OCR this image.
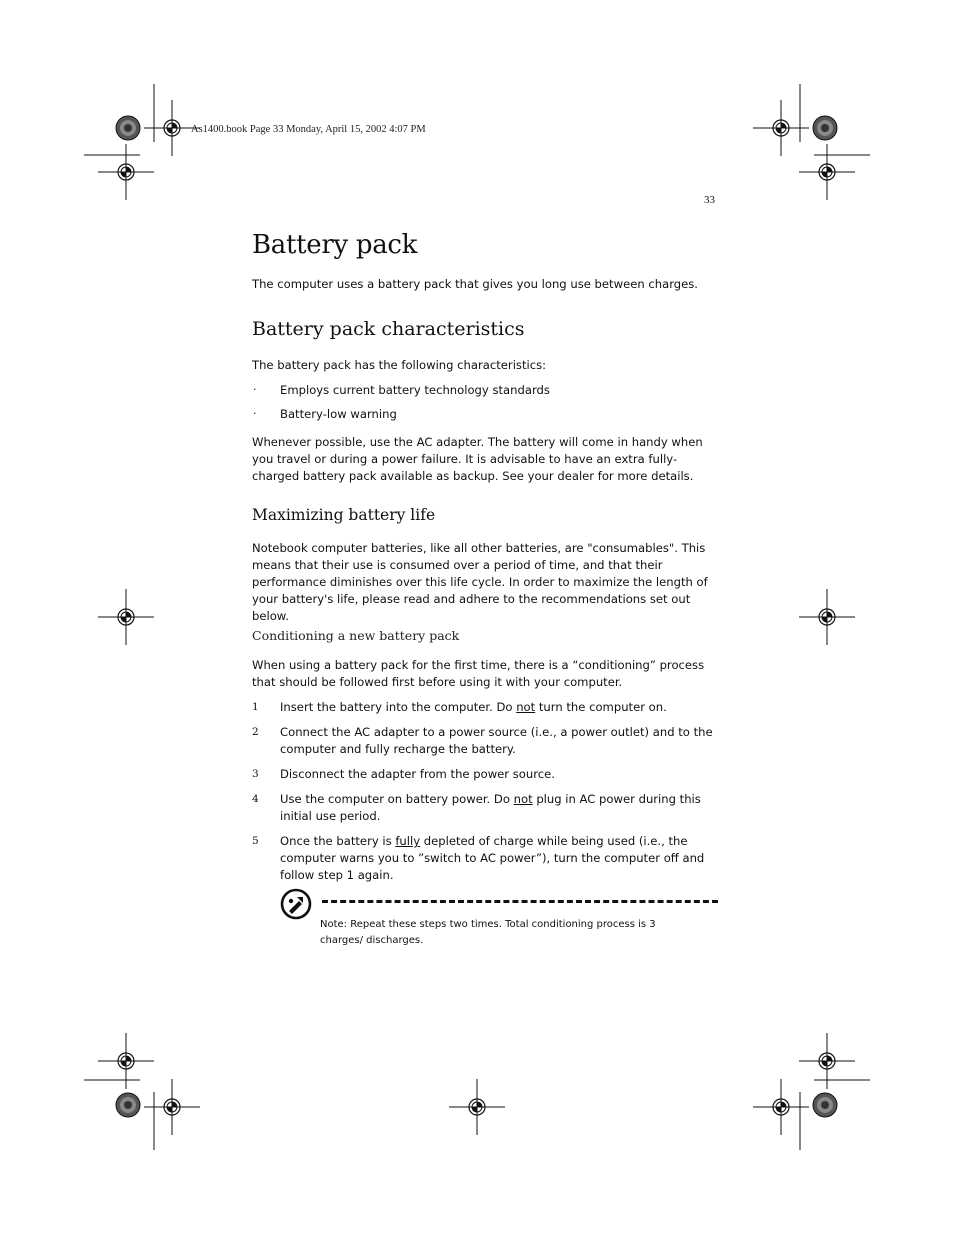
As1400.book Page 33 Monday, April 15, 2002 4:07 PM
33
Battery pack

The computer uses a battery pack that gives you long use between charges.

Battery pack characteristics

The battery pack has the following characteristics:

· Employs current battery technology standards

· Battery-low warning

Whenever possible, use the AC adapter. The battery will come in handy when you travel or during a power failure. It is advisable to have an extra fully-charged battery pack available as backup. See your dealer for more details.

Maximizing battery life

Notebook computer batteries, like all other batteries, are "consumables". This means that their use is consumed over a period of time, and that their performance diminishes over this life cycle. In order to maximize the length of your battery's life, please read and adhere to the recommendations set out below.

Conditioning a new battery pack

When using a battery pack for the first time, there is a “conditioning” process that should be followed first before using it with your computer.

1 Insert the battery into the computer. Do not turn the computer on.

2 Connect the AC adapter to a power source (i.e., a power outlet) and to the computer and fully recharge the battery.

3 Disconnect the adapter from the power source.

4 Use the computer on battery power. Do not plug in AC power during this initial use period.

5 Once the battery is fully depleted of charge while being used (i.e., the computer warns you to ”switch to AC power”), turn the computer off and follow step 1 again.

Note: Repeat these steps two times. Total conditioning process is 3 charges/ discharges.
